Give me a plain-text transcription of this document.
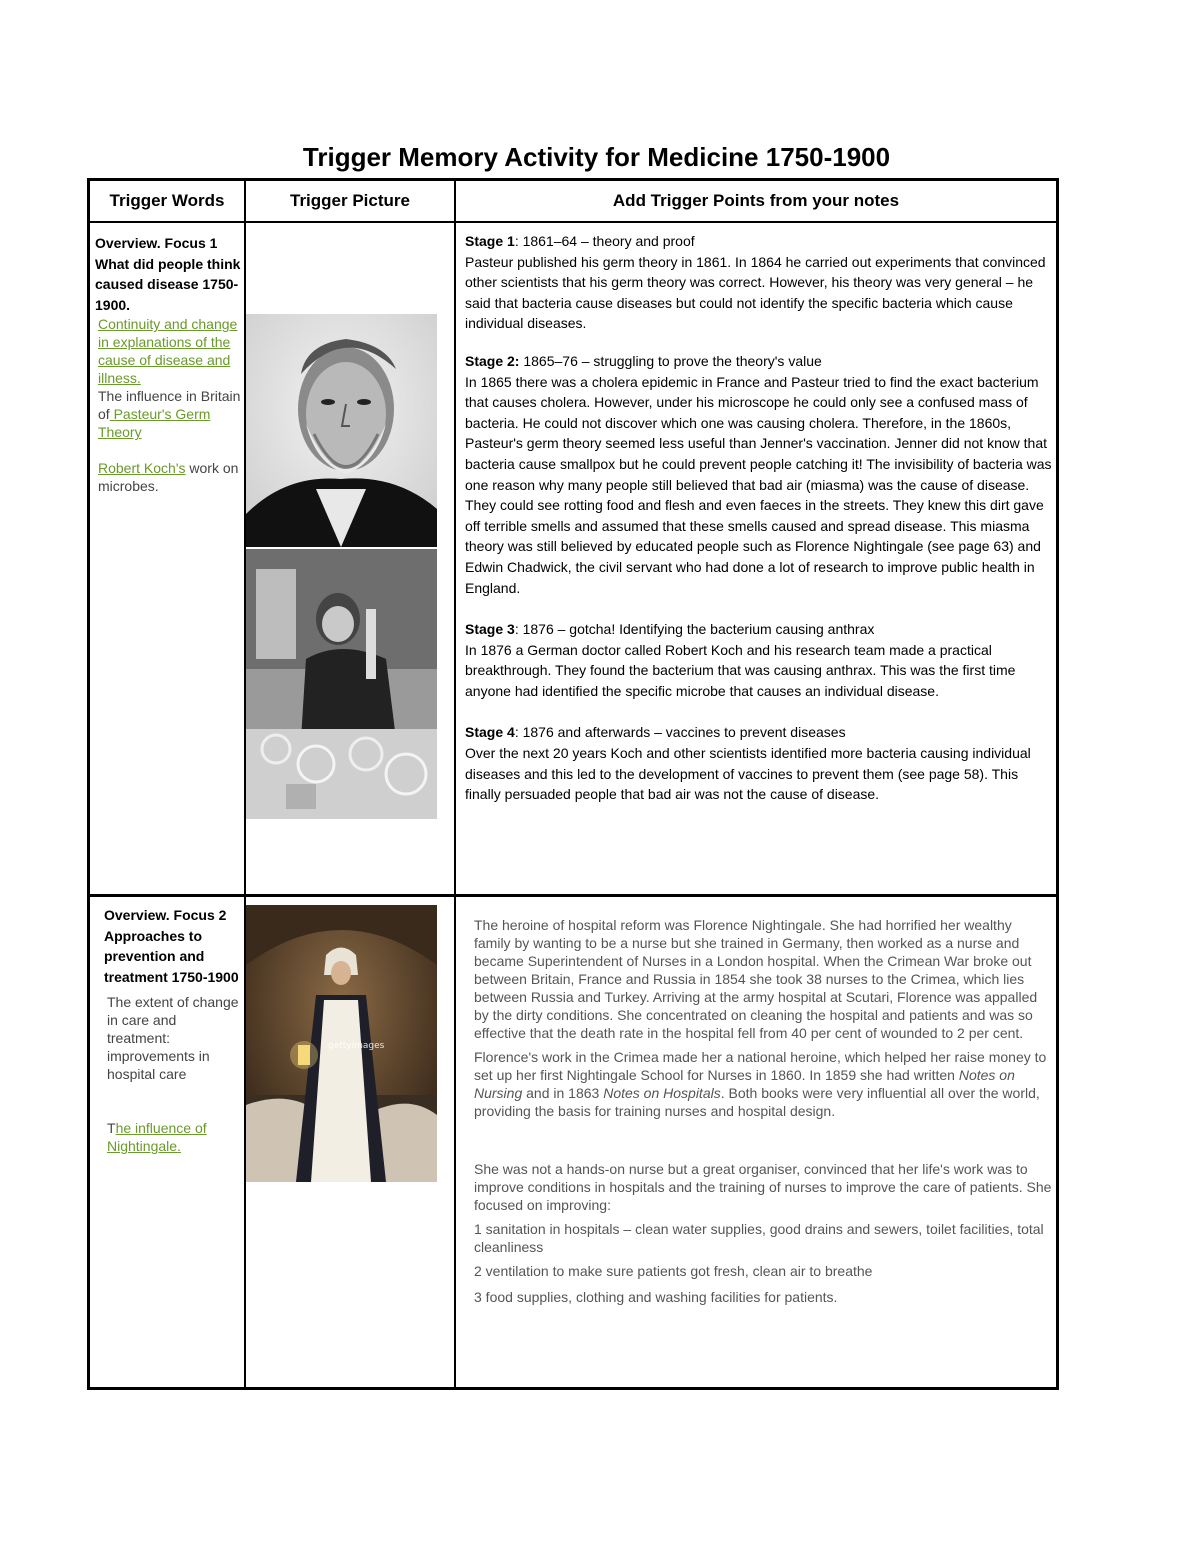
Trigger Memory Activity for Medicine 1750-1900
Trigger Words	Trigger Picture	Add Trigger Points from your notes
Overview. Focus 1 What did people think caused disease 1750-1900.
Continuity and change in explanations of the cause of disease and illness.
The influence in Britain of Pasteur's Germ Theory

Robert Koch's work on microbes.

Stage 1: 1861–64 – theory and proof
Pasteur published his germ theory in 1861. In 1864 he carried out experiments that convinced other scientists that his germ theory was correct. However, his theory was very general – he said that bacteria cause diseases but could not identify the specific bacteria which cause individual diseases.

Stage 2: 1865–76 – struggling to prove the theory's value
In 1865 there was a cholera epidemic in France and Pasteur tried to find the exact bacterium that causes cholera. However, under his microscope he could only see a confused mass of bacteria. He could not discover which one was causing cholera. Therefore, in the 1860s, Pasteur's germ theory seemed less useful than Jenner's vaccination. Jenner did not know that bacteria cause smallpox but he could prevent people catching it! The invisibility of bacteria was one reason why many people still believed that bad air (miasma) was the cause of disease. They could see rotting food and flesh and even faeces in the streets. They knew this dirt gave off terrible smells and assumed that these smells caused and spread disease. This miasma theory was still believed by educated people such as Florence Nightingale (see page 63) and Edwin Chadwick, the civil servant who had done a lot of research to improve public health in England.

Stage 3: 1876 – gotcha! Identifying the bacterium causing anthrax
In 1876 a German doctor called Robert Koch and his research team made a practical breakthrough. They found the bacterium that was causing anthrax. This was the first time anyone had identified the specific microbe that causes an individual disease.

Stage 4: 1876 and afterwards – vaccines to prevent diseases
Over the next 20 years Koch and other scientists identified more bacteria causing individual diseases and this led to the development of vaccines to prevent them (see page 58). This finally persuaded people that bad air was not the cause of disease.

Overview. Focus 2 Approaches to prevention and treatment 1750-1900
The extent of change in care and treatment: improvements in hospital care

The influence of Nightingale.
gettyimages

The heroine of hospital reform was Florence Nightingale. She had horrified her wealthy family by wanting to be a nurse but she trained in Germany, then worked as a nurse and became Superintendent of Nurses in a London hospital. When the Crimean War broke out between Britain, France and Russia in 1854 she took 38 nurses to the Crimea, which lies between Russia and Turkey. Arriving at the army hospital at Scutari, Florence was appalled by the dirty conditions. She concentrated on cleaning the hospital and patients and was so effective that the death rate in the hospital fell from 40 per cent of wounded to 2 per cent.

Florence's work in the Crimea made her a national heroine, which helped her raise money to set up her first Nightingale School for Nurses in 1860. In 1859 she had written Notes on Nursing and in 1863 Notes on Hospitals. Both books were very influential all over the world, providing the basis for training nurses and hospital design.

She was not a hands-on nurse but a great organiser, convinced that her life's work was to improve conditions in hospitals and the training of nurses to improve the care of patients. She focused on improving:

1 sanitation in hospitals – clean water supplies, good drains and sewers, toilet facilities, total cleanliness

2 ventilation to make sure patients got fresh, clean air to breathe

3 food supplies, clothing and washing facilities for patients.
